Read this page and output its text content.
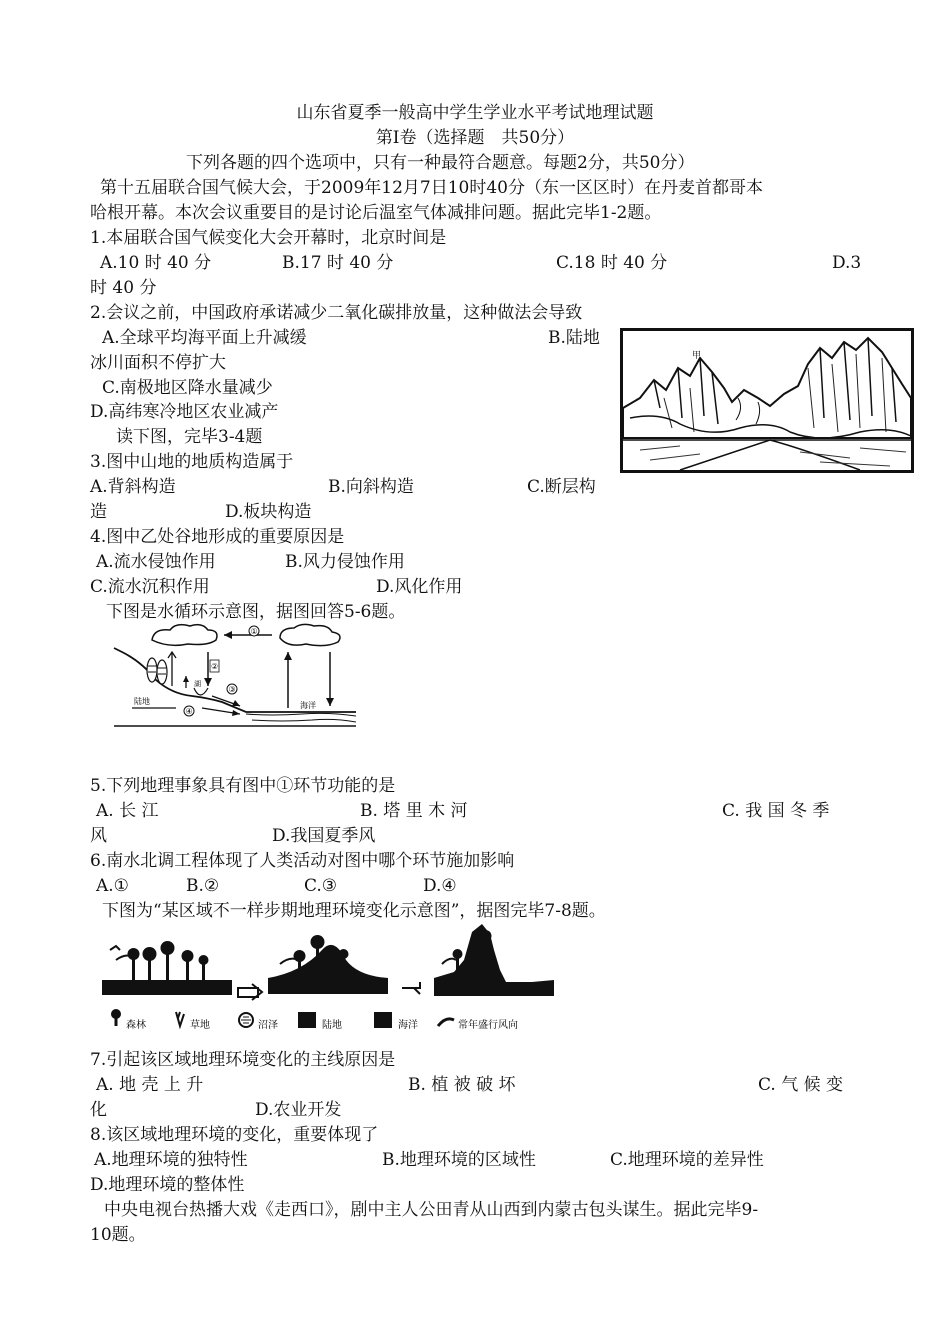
山东省夏季一般高中学生学业水平考试地理试题
第Ⅰ卷（选择题　共50分）
下列各题的四个选项中，只有一种最符合题意。每题2分，共50分）
第十五届联合国气候大会，于2009年12月7日10时40分（东一区区时）在丹麦首都哥本
哈根开幕。本次会议重要目的是讨论后温室气体减排问题。据此完毕1-2题。
1.本届联合国气候变化大会开幕时，北京时间是
A.10 时 40 分	B.17 时 40 分	C.18 时 40 分	D.3
时 40 分
2.会议之前，中国政府承诺减少二氧化碳排放量，这种做法会导致
A.全球平均海平面上升减缓	B.陆地
冰川面积不停扩大
C.南极地区降水量减少
D.高纬寒冷地区农业减产
甲
读下图，完毕3-4题
3.图中山地的地质构造属于
A.背斜构造	B.向斜构造	C.断层构
造	D.板块构造
4.图中乙处谷地形成的重要原因是
A.流水侵蚀作用	B.风力侵蚀作用
C.流水沉积作用	D.风化作用
下图是水循环示意图，据图回答5-6题。
①
②
湖
③
④
陆地	海洋
5.下列地理事象具有图中①环节功能的是
A. 长 江	B. 塔 里 木 河	C. 我 国 冬 季
风	D.我国夏季风
6.南水北调工程体现了人类活动对图中哪个环节施加影响
A.①	B.②	C.③	D.④
下图为“某区域不一样步期地理环境变化示意图”，据图完毕7-8题。
森林	草地	沼泽	陆地	海洋	常年盛行风向
7.引起该区域地理环境变化的主线原因是
A. 地 壳 上 升	B. 植 被 破 坏	C. 气 候 变
化	D.农业开发
8.该区域地理环境的变化，重要体现了
A.地理环境的独特性	B.地理环境的区域性	C.地理环境的差异性
D.地理环境的整体性
中央电视台热播大戏《走西口》，剧中主人公田青从山西到内蒙古包头谋生。据此完毕9-
10题。
